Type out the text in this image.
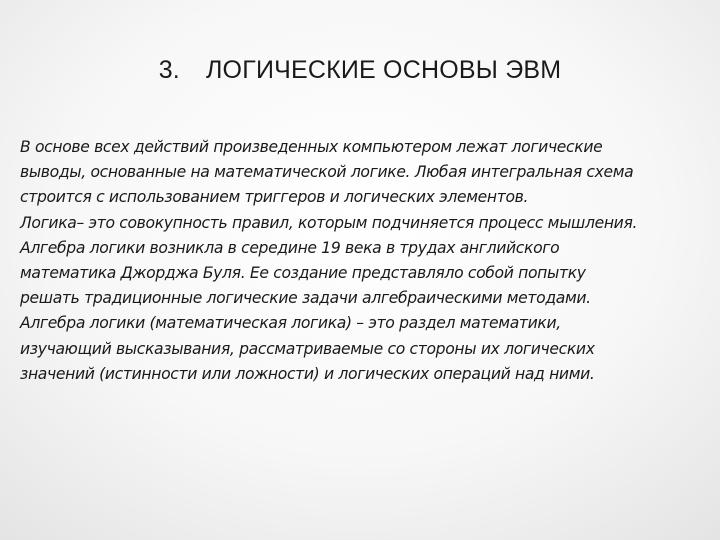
3. ЛОГИЧЕСКИЕ ОСНОВЫ ЭВМ
В основе всех действий произведенных компьютером лежат логические
выводы, основанные на математической логике. Любая интегральная схема
строится с использованием триггеров и логических элементов.
Логика– это совокупность правил, которым подчиняется процесс мышления.
Алгебра логики возникла в середине 19 века в трудах английского
математика Джорджа Буля. Ее создание представляло собой попытку
решать традиционные логические задачи алгебраическими методами.
Алгебра логики (математическая логика) – это раздел математики,
изучающий высказывания, рассматриваемые со стороны их логических
значений (истинности или ложности) и логических операций над ними.
